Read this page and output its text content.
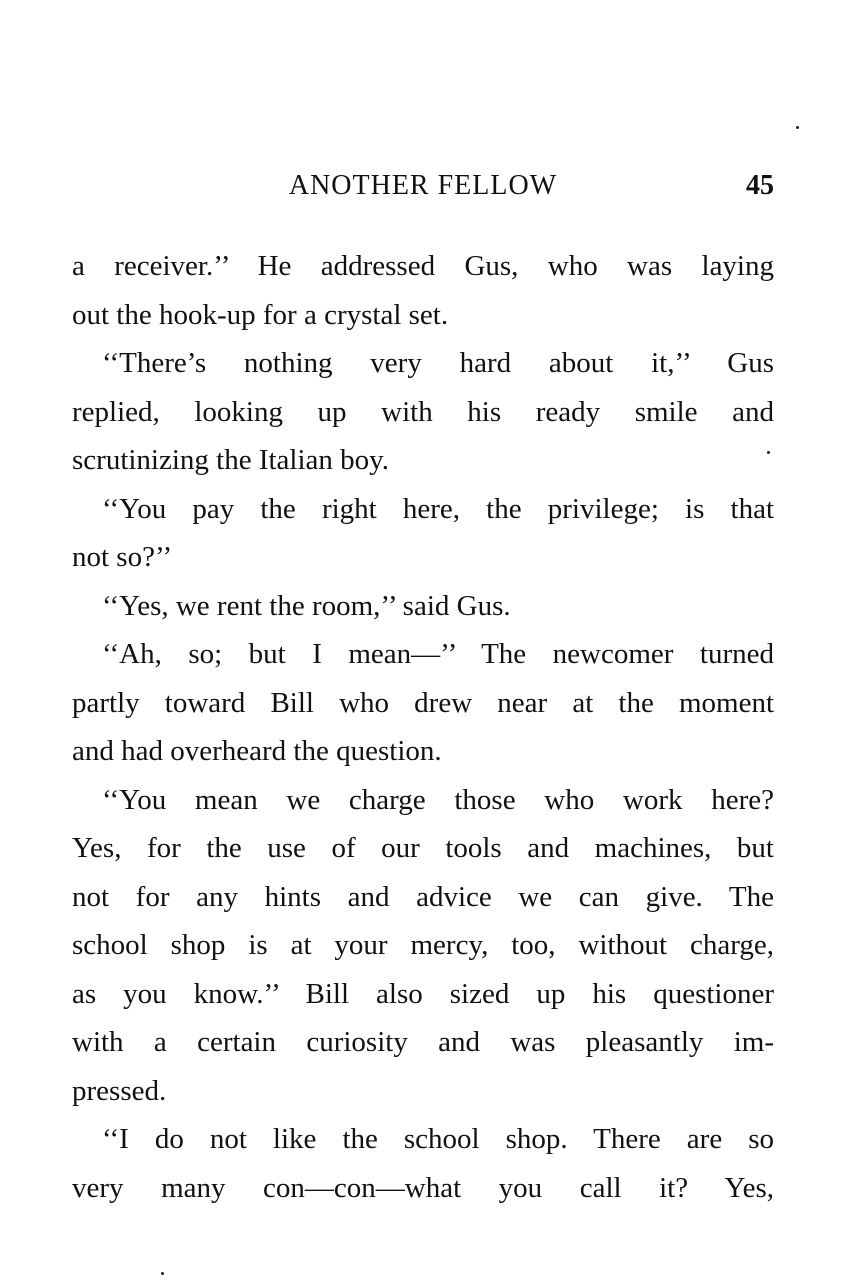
ANOTHER FELLOW	45
a receiver.’’ He addressed Gus, who was laying
out the hook-up for a crystal set.
‘‘There’s nothing very hard about it,’’ Gus
replied, looking up with his ready smile and
scrutinizing the Italian boy.
‘‘You pay the right here, the privilege; is that
not so?’’
‘‘Yes, we rent the room,’’ said Gus.
‘‘Ah, so; but I mean—’’ The newcomer turned
partly toward Bill who drew near at the moment
and had overheard the question.
‘‘You mean we charge those who work here?
Yes, for the use of our tools and machines, but
not for any hints and advice we can give. The
school shop is at your mercy, too, without charge,
as you know.’’ Bill also sized up his questioner
with a certain curiosity and was pleasantly im-
pressed.
‘‘I do not like the school shop. There are so
very many con—con—what you call it? Yes,
